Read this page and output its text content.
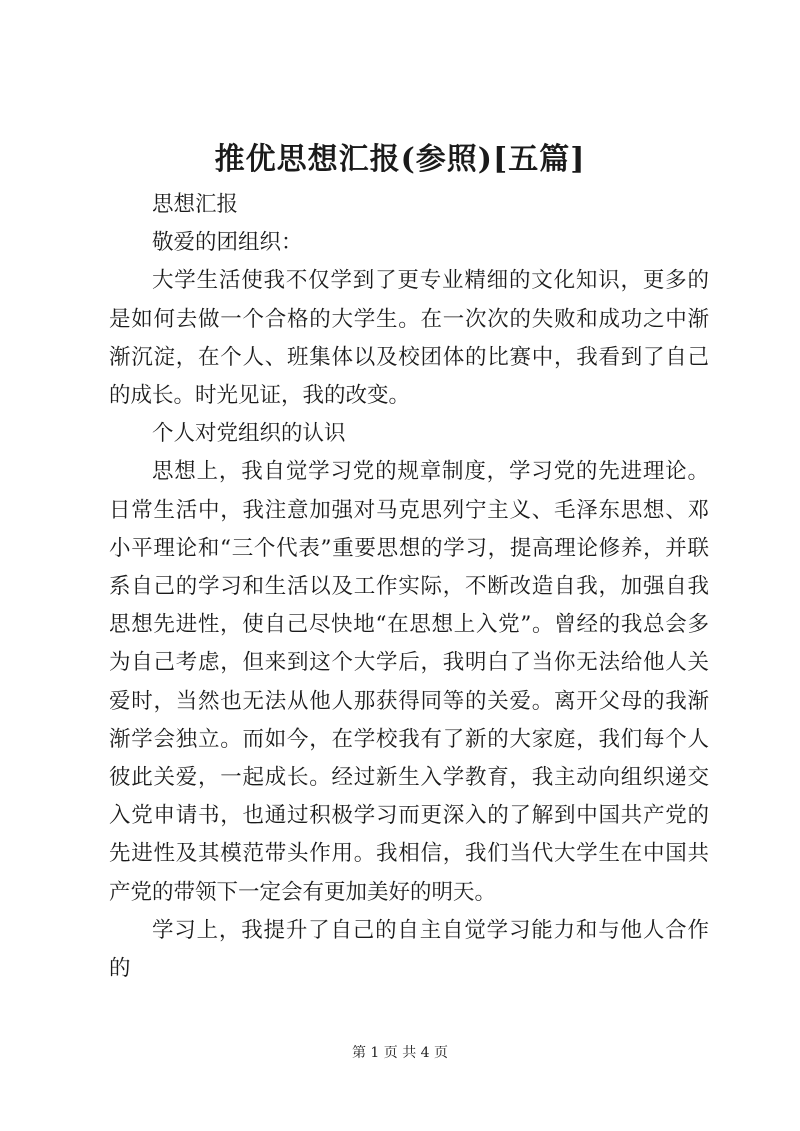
推优思想汇报(参照)[五篇]

思想汇报

敬爱的团组织：

大学生活使我不仅学到了更专业精细的文化知识，更多的是如何去做一个合格的大学生。在一次次的失败和成功之中渐渐沉淀，在个人、班集体以及校团体的比赛中，我看到了自己的成长。时光见证，我的改变。

个人对党组织的认识

思想上，我自觉学习党的规章制度，学习党的先进理论。日常生活中，我注意加强对马克思列宁主义、毛泽东思想、邓小平理论和“三个代表”重要思想的学习，提高理论修养，并联系自己的学习和生活以及工作实际，不断改造自我，加强自我思想先进性，使自己尽快地“在思想上入党”。曾经的我总会多为自己考虑，但来到这个大学后，我明白了当你无法给他人关爱时，当然也无法从他人那获得同等的关爱。离开父母的我渐渐学会独立。而如今，在学校我有了新的大家庭，我们每个人彼此关爱，一起成长。经过新生入学教育，我主动向组织递交入党申请书，也通过积极学习而更深入的了解到中国共产党的先进性及其模范带头作用。我相信，我们当代大学生在中国共产党的带领下一定会有更加美好的明天。

学习上，我提升了自己的自主自觉学习能力和与他人合作的

第 1 页 共 4 页
